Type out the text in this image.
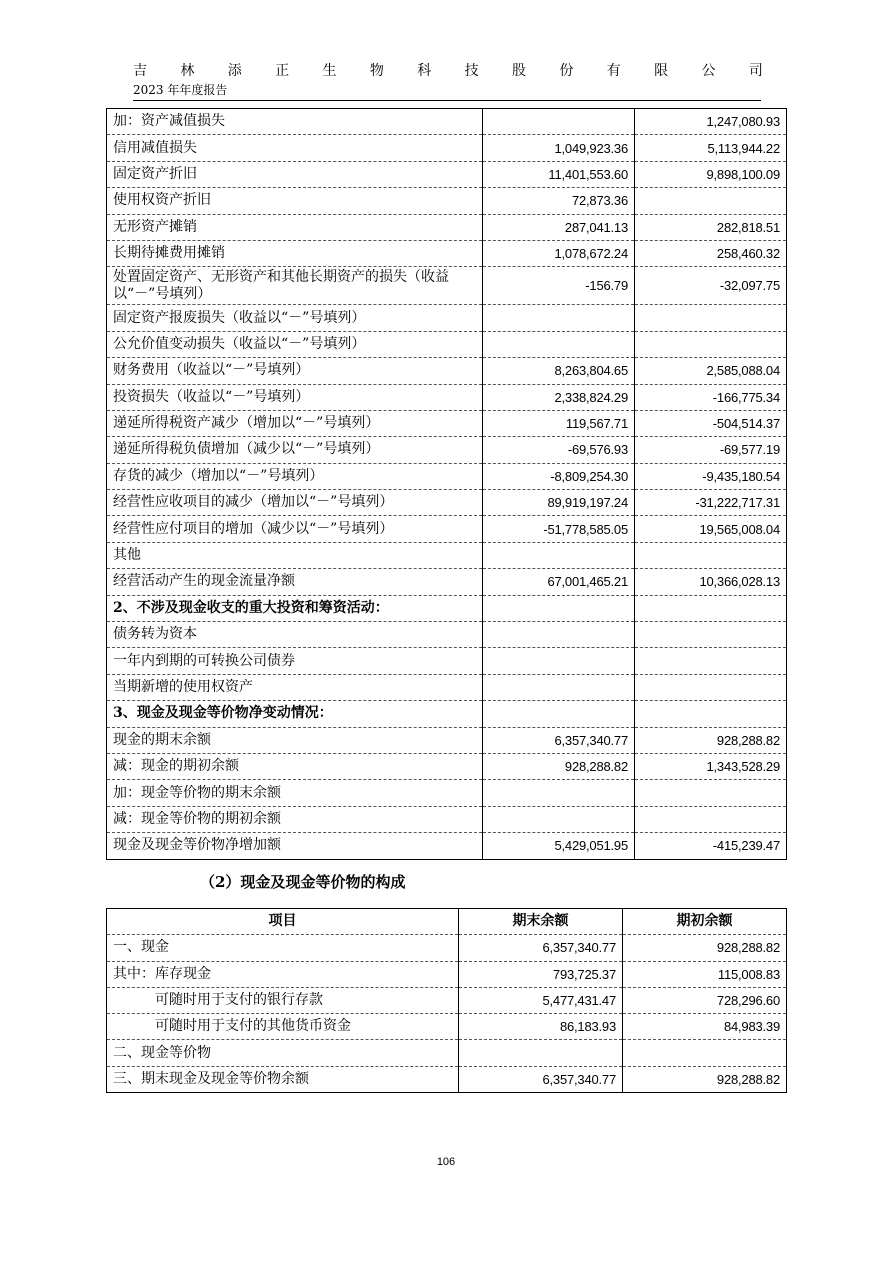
吉 林 添 正 生 物 科 技 股 份 有 限 公 司
2023 年年度报告
加：资产减值损失		1,247,080.93
信用减值损失	1,049,923.36	5,113,944.22
固定资产折旧	11,401,553.60	9,898,100.09
使用权资产折旧	72,873.36	
无形资产摊销	287,041.13	282,818.51
长期待摊费用摊销	1,078,672.24	258,460.32
处置固定资产、无形资产和其他长期资产的损失（收益以“－”号填列）	-156.79	-32,097.75
固定资产报废损失（收益以“－”号填列）		
公允价值变动损失（收益以“－”号填列）		
财务费用（收益以“－”号填列）	8,263,804.65	2,585,088.04
投资损失（收益以“－”号填列）	2,338,824.29	-166,775.34
递延所得税资产减少（增加以“－”号填列）	119,567.71	-504,514.37
递延所得税负债增加（减少以“－”号填列）	-69,576.93	-69,577.19
存货的减少（增加以“－”号填列）	-8,809,254.30	-9,435,180.54
经营性应收项目的减少（增加以“－”号填列）	89,919,197.24	-31,222,717.31
经营性应付项目的增加（减少以“－”号填列）	-51,778,585.05	19,565,008.04
其他		
经营活动产生的现金流量净额	67,001,465.21	10,366,028.13
2、不涉及现金收支的重大投资和筹资活动：		
债务转为资本		
一年内到期的可转换公司债券		
当期新增的使用权资产		
3、现金及现金等价物净变动情况：		
现金的期末余额	6,357,340.77	928,288.82
减：现金的期初余额	928,288.82	1,343,528.29
加：现金等价物的期末余额		
减：现金等价物的期初余额		
现金及现金等价物净增加额	5,429,051.95	-415,239.47
（2）现金及现金等价物的构成
项目	期末余额	期初余额
一、现金	6,357,340.77	928,288.82
其中：库存现金	793,725.37	115,008.83
可随时用于支付的银行存款	5,477,431.47	728,296.60
可随时用于支付的其他货币资金	86,183.93	84,983.39
二、现金等价物		
三、期末现金及现金等价物余额	6,357,340.77	928,288.82
106
